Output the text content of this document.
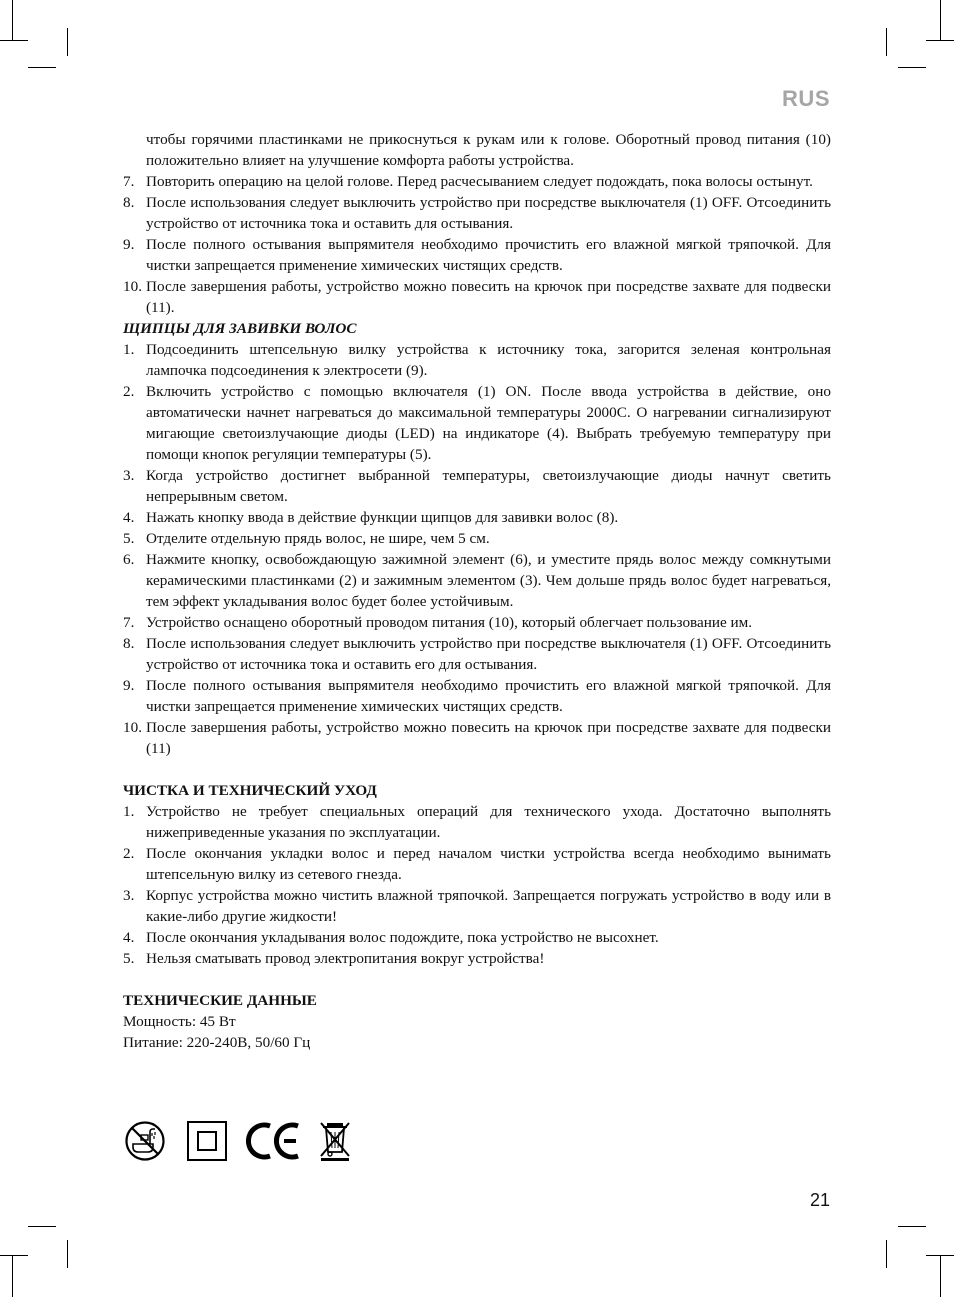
RUS

чтобы горячими пластинками не прикоснуться к рукам или к голове. Оборотный провод питания (10) положительно влияет на улучшение комфорта работы устройства.

7. Повторить операцию на целой голове. Перед расчесыванием следует подождать, пока волосы остынут.
8. После использования следует выключить устройство при посредстве выключателя (1) OFF. Отсоединить устройство от источника тока и оставить для остывания.
9. После полного остывания выпрямителя необходимо прочистить его влажной мягкой тряпочкой. Для чистки запрещается применение химических чистящих средств.
10. После завершения работы, устройство можно повесить на крючок при посредстве захвате для подвески (11).

ЩИПЦЫ ДЛЯ ЗАВИВКИ ВОЛОС

1. Подсоединить штепсельную вилку устройства к источнику тока, загорится зеленая контрольная лампочка подсоединения к электросети (9).
2. Включить устройство с помощью включателя (1) ON. После ввода устройства в действие, оно автоматически начнет нагреваться до максимальной температуры 2000С. О нагревании сигнализируют мигающие светоизлучающие диоды (LED) на индикаторе (4). Выбрать требуемую температуру при помощи кнопок регуляции температуры (5).
3. Когда устройство достигнет выбранной температуры, светоизлучающие диоды начнут светить непрерывным светом.
4. Нажать кнопку ввода в действие функции щипцов для завивки волос (8).
5. Отделите отдельную прядь волос, не шире, чем 5 см.
6. Нажмите кнопку, освобождающую зажимной элемент (6), и уместите прядь волос между сомкнутыми керамическими пластинками (2) и зажимным элементом (3). Чем дольше прядь волос будет нагреваться, тем эффект укладывания волос будет более устойчивым.
7. Устройство оснащено оборотный проводом питания (10), который облегчает пользование им.
8. После использования следует выключить устройство при посредстве выключателя (1) OFF. Отсоединить устройство от источника тока и оставить его для остывания.
9. После полного остывания выпрямителя необходимо прочистить его влажной мягкой тряпочкой. Для чистки запрещается применение химических чистящих средств.
10. После завершения работы, устройство можно повесить на крючок при посредстве захвате для подвески (11)

ЧИСТКА И ТЕХНИЧЕСКИЙ УХОД

1. Устройство не требует специальных операций для технического ухода. Достаточно выполнять нижеприведенные указания по эксплуатации.
2. После окончания укладки волос и перед началом чистки устройства всегда необходимо вынимать штепсельную вилку из сетевого гнезда.
3. Корпус устройства можно чистить влажной тряпочкой. Запрещается погружать устройство в воду или в какие-либо другие жидкости!
4. После окончания укладывания волос подождите, пока устройство не высохнет.
5. Нельзя сматывать провод электропитания вокруг устройства!

ТЕХНИЧЕСКИЕ ДАННЫЕ

Мощность: 45 Вт

Питание: 220-240В, 50/60 Гц

21
